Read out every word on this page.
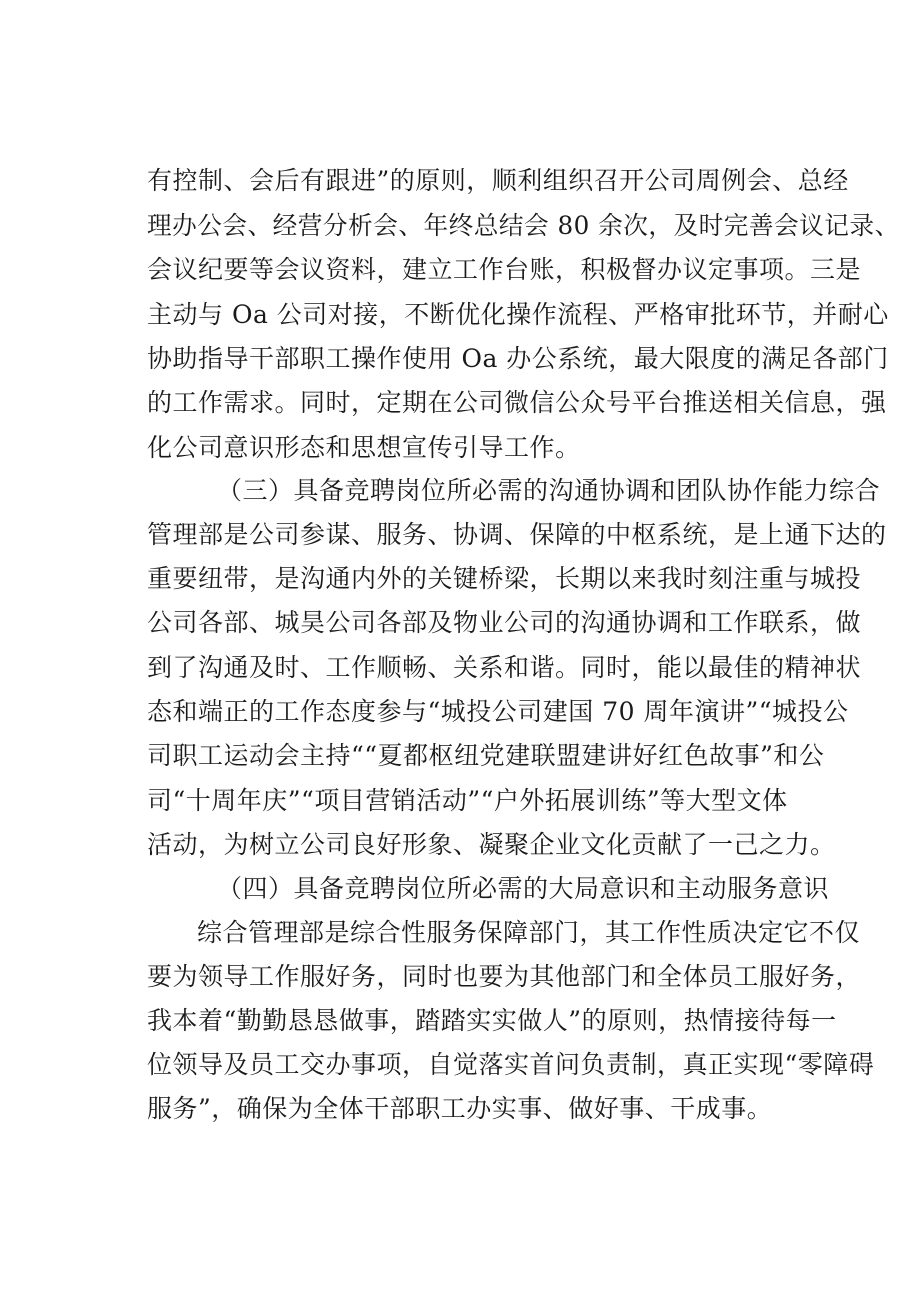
有控制、会后有跟进”的原则，顺利组织召开公司周例会、总经
理办公会、经营分析会、年终总结会 80 余次，及时完善会议记录、
会议纪要等会议资料，建立工作台账，积极督办议定事项。三是
主动与 Oa 公司对接，不断优化操作流程、严格审批环节，并耐心
协助指导干部职工操作使用 Oa 办公系统，最大限度的满足各部门
的工作需求。同时，定期在公司微信公众号平台推送相关信息，强
化公司意识形态和思想宣传引导工作。
（三）具备竞聘岗位所必需的沟通协调和团队协作能力综合
管理部是公司参谋、服务、协调、保障的中枢系统，是上通下达的
重要纽带，是沟通内外的关键桥梁，长期以来我时刻注重与城投
公司各部、城昊公司各部及物业公司的沟通协调和工作联系，做
到了沟通及时、工作顺畅、关系和谐。同时，能以最佳的精神状
态和端正的工作态度参与“城投公司建国 70 周年演讲”“城投公
司职工运动会主持““夏都枢纽党建联盟建讲好红色故事”和公
司“十周年庆”“项目营销活动”“户外拓展训练”等大型文体
活动，为树立公司良好形象、凝聚企业文化贡献了一己之力。
（四）具备竞聘岗位所必需的大局意识和主动服务意识
综合管理部是综合性服务保障部门，其工作性质决定它不仅
要为领导工作服好务，同时也要为其他部门和全体员工服好务，
我本着“勤勤恳恳做事，踏踏实实做人”的原则，热情接待每一
位领导及员工交办事项，自觉落实首问负责制，真正实现“零障碍
服务”，确保为全体干部职工办实事、做好事、干成事。
